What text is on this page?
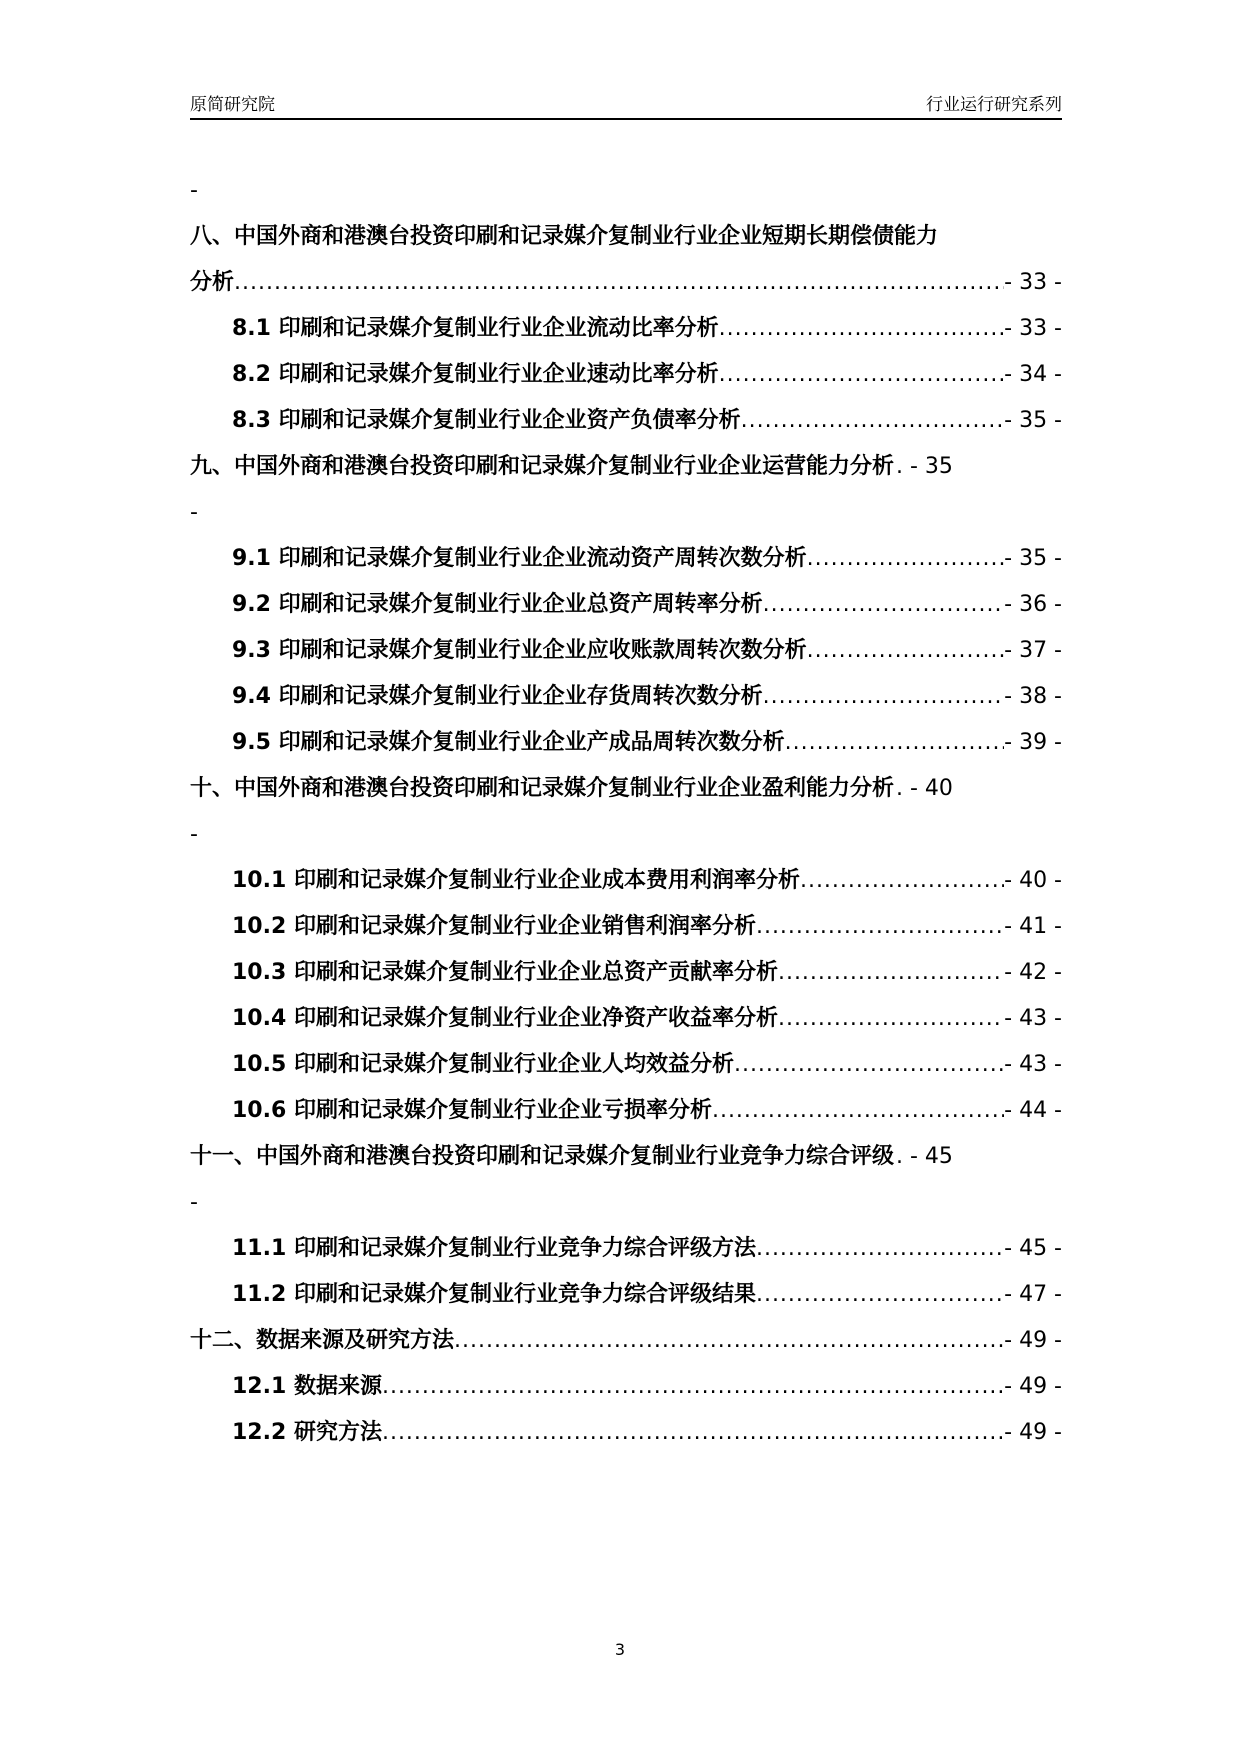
原简研究院	行业运行研究系列
-
八、中国外商和港澳台投资印刷和记录媒介复制业行业企业短期长期偿债能力
分析 .....	- 33 -
8.1 印刷和记录媒介复制业行业企业流动比率分析 .....	- 33 -
8.2 印刷和记录媒介复制业行业企业速动比率分析 .....	- 34 -
8.3 印刷和记录媒介复制业行业企业资产负债率分析 .....	- 35 -
九、中国外商和港澳台投资印刷和记录媒介复制业行业企业运营能力分析 . - 35
-
9.1 印刷和记录媒介复制业行业企业流动资产周转次数分析 .....	- 35 -
9.2 印刷和记录媒介复制业行业企业总资产周转率分析 .....	- 36 -
9.3 印刷和记录媒介复制业行业企业应收账款周转次数分析 .....	- 37 -
9.4 印刷和记录媒介复制业行业企业存货周转次数分析 .....	- 38 -
9.5 印刷和记录媒介复制业行业企业产成品周转次数分析 .....	- 39 -
十、中国外商和港澳台投资印刷和记录媒介复制业行业企业盈利能力分析 . - 40
-
10.1 印刷和记录媒介复制业行业企业成本费用利润率分析 .....	- 40 -
10.2 印刷和记录媒介复制业行业企业销售利润率分析 .....	- 41 -
10.3 印刷和记录媒介复制业行业企业总资产贡献率分析 .....	- 42 -
10.4 印刷和记录媒介复制业行业企业净资产收益率分析 .....	- 43 -
10.5 印刷和记录媒介复制业行业企业人均效益分析 .....	- 43 -
10.6 印刷和记录媒介复制业行业企业亏损率分析 .....	- 44 -
十一、中国外商和港澳台投资印刷和记录媒介复制业行业竞争力综合评级 . - 45
-
11.1 印刷和记录媒介复制业行业竞争力综合评级方法 .....	- 45 -
11.2 印刷和记录媒介复制业行业竞争力综合评级结果 .....	- 47 -
十二、数据来源及研究方法 .....	- 49 -
12.1 数据来源 .....	- 49 -
12.2 研究方法 .....	- 49 -
3
